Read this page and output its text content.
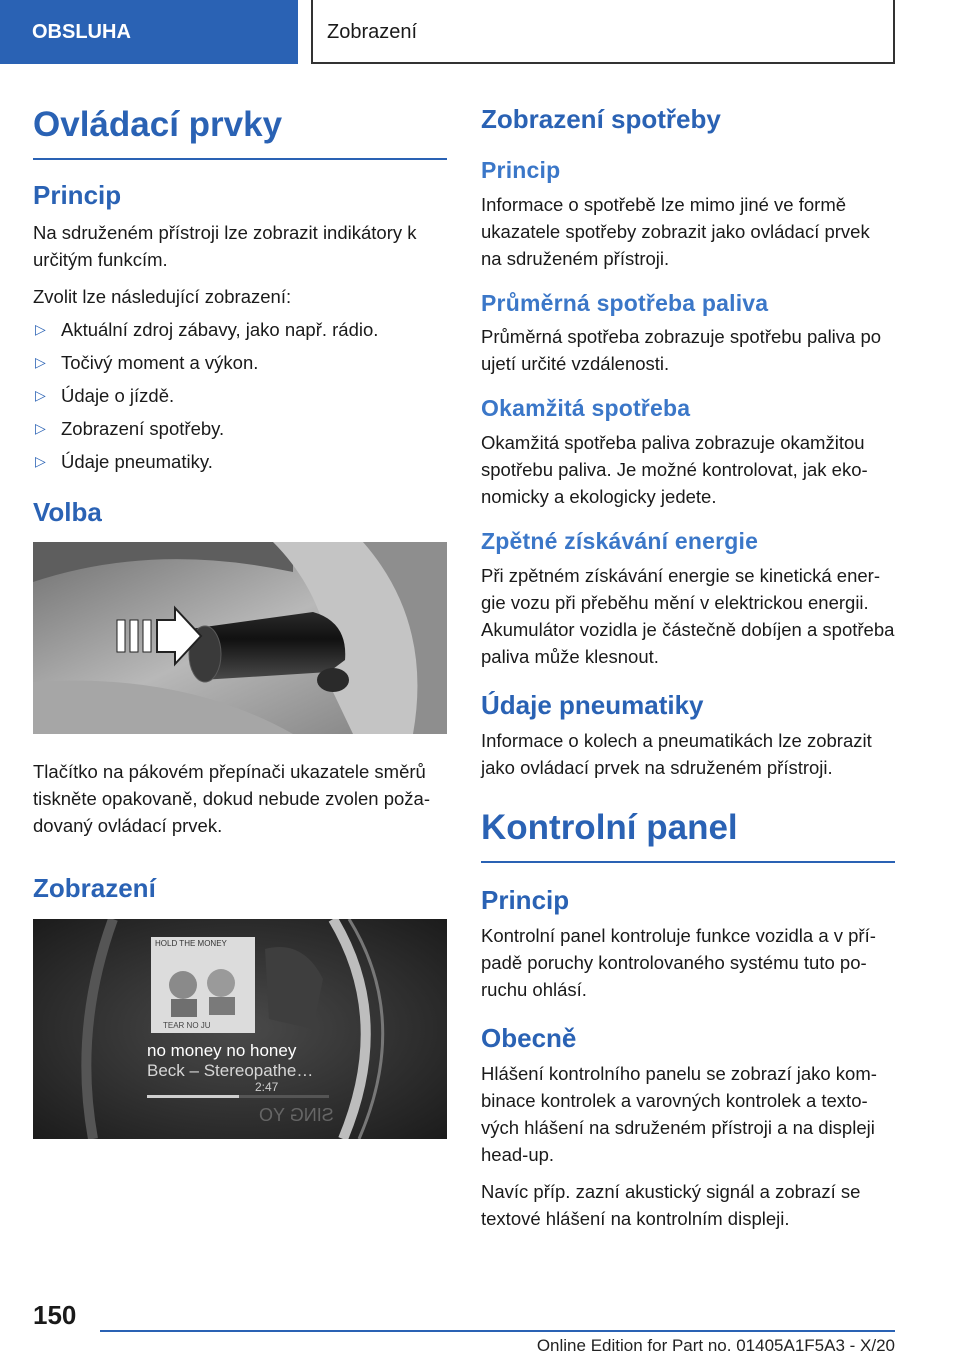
OBSLUHA	Zobrazení
Ovládací prvky
Princip

Na sdruženém přístroji lze zobrazit indikátory k určitým funkcím.

Zvolit lze následující zobrazení:

▷ Aktuální zdroj zábavy, jako např. rádio.
▷ Točivý moment a výkon.
▷ Údaje o jízdě.
▷ Zobrazení spotřeby.
▷ Údaje pneumatiky.
Volba

Tlačítko na pákovém přepínači ukazatele směrů tiskněte opakovaně, dokud nebude zvolen požadovaný ovládací prvek.

Zobrazení
HOLD THE MONEY
TEAR NO JU
no money no honey
Beck – Stereopathe…
2:47
SING YO
Zobrazení spotřeby
Princip

Informace o spotřebě lze mimo jiné ve formě ukazatele spotřeby zobrazit jako ovládací prvek na sdruženém přístroji.

Průměrná spotřeba paliva

Průměrná spotřeba zobrazuje spotřebu paliva po ujetí určité vzdálenosti.

Okamžitá spotřeba

Okamžitá spotřeba paliva zobrazuje okamžitou spotřebu paliva. Je možné kontrolovat, jak ekonomicky a ekologicky jedete.

Zpětné získávání energie

Při zpětném získávání energie se kinetická energie vozu při přeběhu mění v elektrickou energii. Akumulátor vozidla je částečně dobíjen a spotřeba paliva může klesnout.

Údaje pneumatiky

Informace o kolech a pneumatikách lze zobrazit jako ovládací prvek na sdruženém přístroji.

Kontrolní panel
Princip

Kontrolní panel kontroluje funkce vozidla a v případě poruchy kontrolovaného systému tuto poruchu ohlásí.

Obecně

Hlášení kontrolního panelu se zobrazí jako kombinace kontrolek a varovných kontrolek a textových hlášení na sdruženém přístroji a na displeji head-up.

Navíc příp. zazní akustický signál a zobrazí se textové hlášení na kontrolním displeji.

150
Online Edition for Part no. 01405A1F5A3 - X/20
